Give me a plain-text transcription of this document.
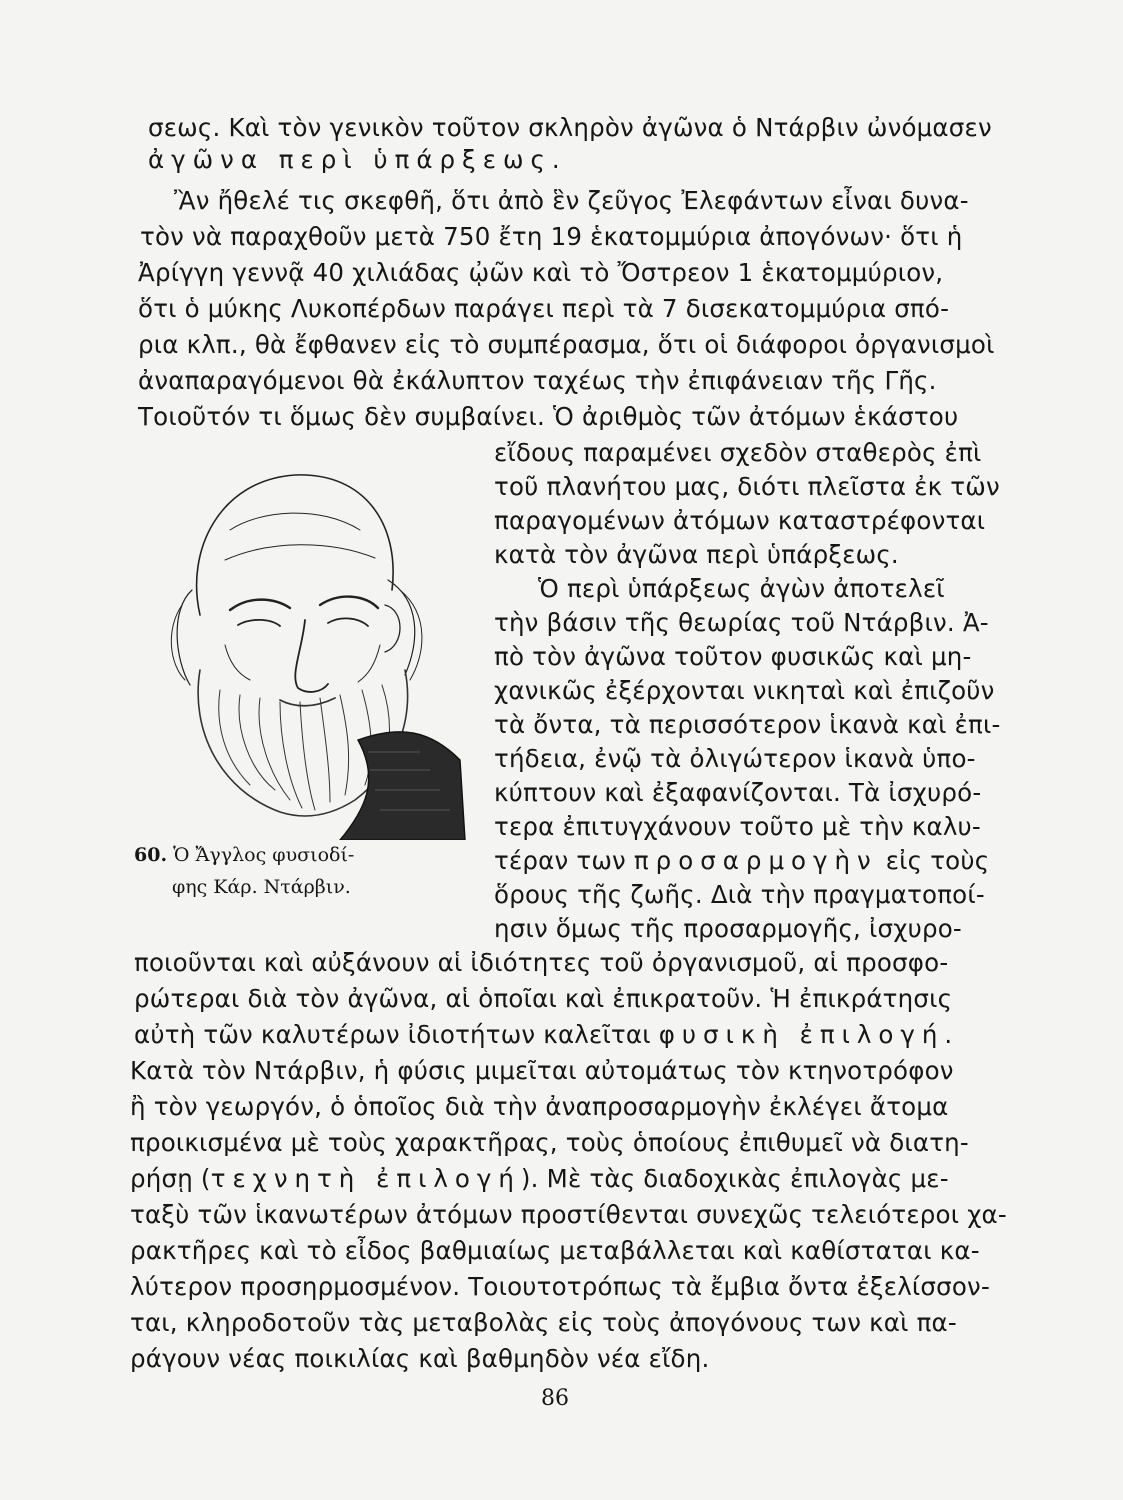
σεως. Καὶ τὸν γενικὸν τοῦτον σκληρὸν ἀγῶνα ὁ Ντάρβιν ὠνόμασεν
ἀγῶνα περὶ ὑπάρξεως.
Ἂν ἤθελέ τις σκεφθῆ, ὅτι ἀπὸ ἓν ζεῦγος Ἐλεφάντων εἶναι δυνα-
τὸν νὰ παραχθοῦν μετὰ 750 ἔτη 19 ἑκατομμύρια ἀπογόνων· ὅτι ἡ
Ἀρίγγη γεννᾷ 40 χιλιάδας ᾠῶν καὶ τὸ Ὄστρεον 1 ἑκατομμύριον,
ὅτι ὁ μύκης Λυκοπέρδων παράγει περὶ τὰ 7 δισεκατομμύρια σπό-
ρια κλπ., θὰ ἔφθανεν εἰς τὸ συμπέρασμα, ὅτι οἱ διάφοροι ὀργανισμοὶ
ἀναπαραγόμενοι θὰ ἐκάλυπτον ταχέως τὴν ἐπιφάνειαν τῆς Γῆς.
Τοιοῦτόν τι ὅμως δὲν συμβαίνει. Ὁ ἀριθμὸς τῶν ἀτόμων ἑκάστου
εἴδους παραμένει σχεδὸν σταθερὸς ἐπὶ
τοῦ πλανήτου μας, διότι πλεῖστα ἐκ τῶν
παραγομένων ἀτόμων καταστρέφονται
κατὰ τὸν ἀγῶνα περὶ ὑπάρξεως.
Ὁ περὶ ὑπάρξεως ἀγὼν ἀποτελεῖ
τὴν βάσιν τῆς θεωρίας τοῦ Ντάρβιν. Ἀ-
πὸ τὸν ἀγῶνα τοῦτον φυσικῶς καὶ μη-
χανικῶς ἐξέρχονται νικηταὶ καὶ ἐπιζοῦν
τὰ ὄντα, τὰ περισσότερον ἱκανὰ καὶ ἐπι-
τήδεια, ἐνῷ τὰ ὀλιγώτερον ἱκανὰ ὑπο-
κύπτουν καὶ ἐξαφανίζονται. Τὰ ἰσχυρό-
τερα ἐπιτυγχάνουν τοῦτο μὲ τὴν καλυ-
τέραν των προσαρμογὴν εἰς τοὺς
ὅρους τῆς ζωῆς. Διὰ τὴν πραγματοποί-
ησιν ὅμως τῆς προσαρμογῆς, ἰσχυρο-
ποιοῦνται καὶ αὐξάνουν αἱ ἰδιότητες τοῦ ὀργανισμοῦ, αἱ προσφο-
ρώτεραι διὰ τὸν ἀγῶνα, αἱ ὁποῖαι καὶ ἐπικρατοῦν. Ἡ ἐπικράτησις
αὐτὴ τῶν καλυτέρων ἰδιοτήτων καλεῖται φυσικὴ ἐπιλογή.
Κατὰ τὸν Ντάρβιν, ἡ φύσις μιμεῖται αὐτομάτως τὸν κτηνοτρόφον
ἢ τὸν γεωργόν, ὁ ὁποῖος διὰ τὴν ἀναπροσαρμογὴν ἐκλέγει ἄτομα
προικισμένα μὲ τοὺς χαρακτῆρας, τοὺς ὁποίους ἐπιθυμεῖ νὰ διατη-
ρήσῃ (τεχνητὴ ἐπιλογή). Μὲ τὰς διαδοχικὰς ἐπιλογὰς με-
ταξὺ τῶν ἱκανωτέρων ἀτόμων προστίθενται συνεχῶς τελειότεροι χα-
ρακτῆρες καὶ τὸ εἶδος βαθμιαίως μεταβάλλεται καὶ καθίσταται κα-
λύτερον προσηρμοσμένον. Τοιουτοτρόπως τὰ ἔμβια ὄντα ἐξελίσσον-
ται, κληροδοτοῦν τὰς μεταβολὰς εἰς τοὺς ἀπογόνους των καὶ πα-
ράγουν νέας ποικιλίας καὶ βαθμηδὸν νέα εἴδη.
60. Ὁ Ἄγγλος φυσιοδί-
φης Κάρ. Ντάρβιν.
86
